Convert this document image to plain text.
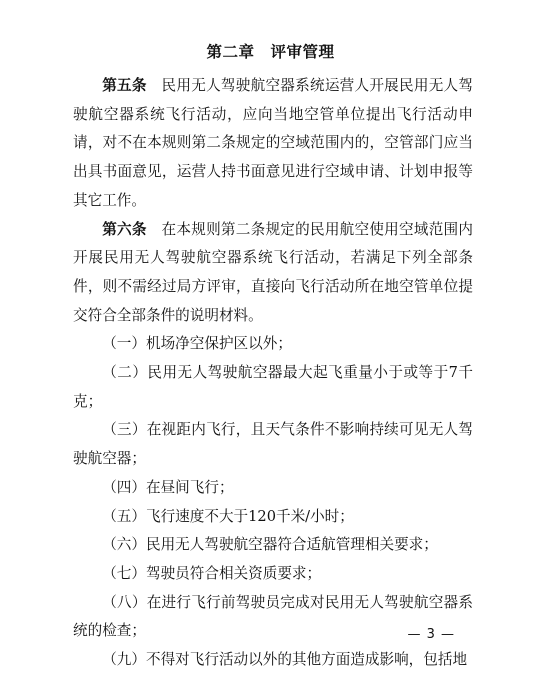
第二章　评审管理

第五条　民用无人驾驶航空器系统运营人开展民用无人驾驶航空器系统飞行活动，应向当地空管单位提出飞行活动申请，对不在本规则第二条规定的空域范围内的，空管部门应当出具书面意见，运营人持书面意见进行空域申请、计划申报等其它工作。

第六条　在本规则第二条规定的民用航空使用空域范围内开展民用无人驾驶航空器系统飞行活动，若满足下列全部条件，则不需经过局方评审，直接向飞行活动所在地空管单位提交符合全部条件的说明材料。

（一）机场净空保护区以外；

（二）民用无人驾驶航空器最大起飞重量小于或等于7千克；

（三）在视距内飞行，且天气条件不影响持续可见无人驾驶航空器；

（四）在昼间飞行；

（五）飞行速度不大于120千米/小时；

（六）民用无人驾驶航空器符合适航管理相关要求；

（七）驾驶员符合相关资质要求；

（八）在进行飞行前驾驶员完成对民用无人驾驶航空器系统的检查；

（九）不得对飞行活动以外的其他方面造成影响，包括地

— 3 —
